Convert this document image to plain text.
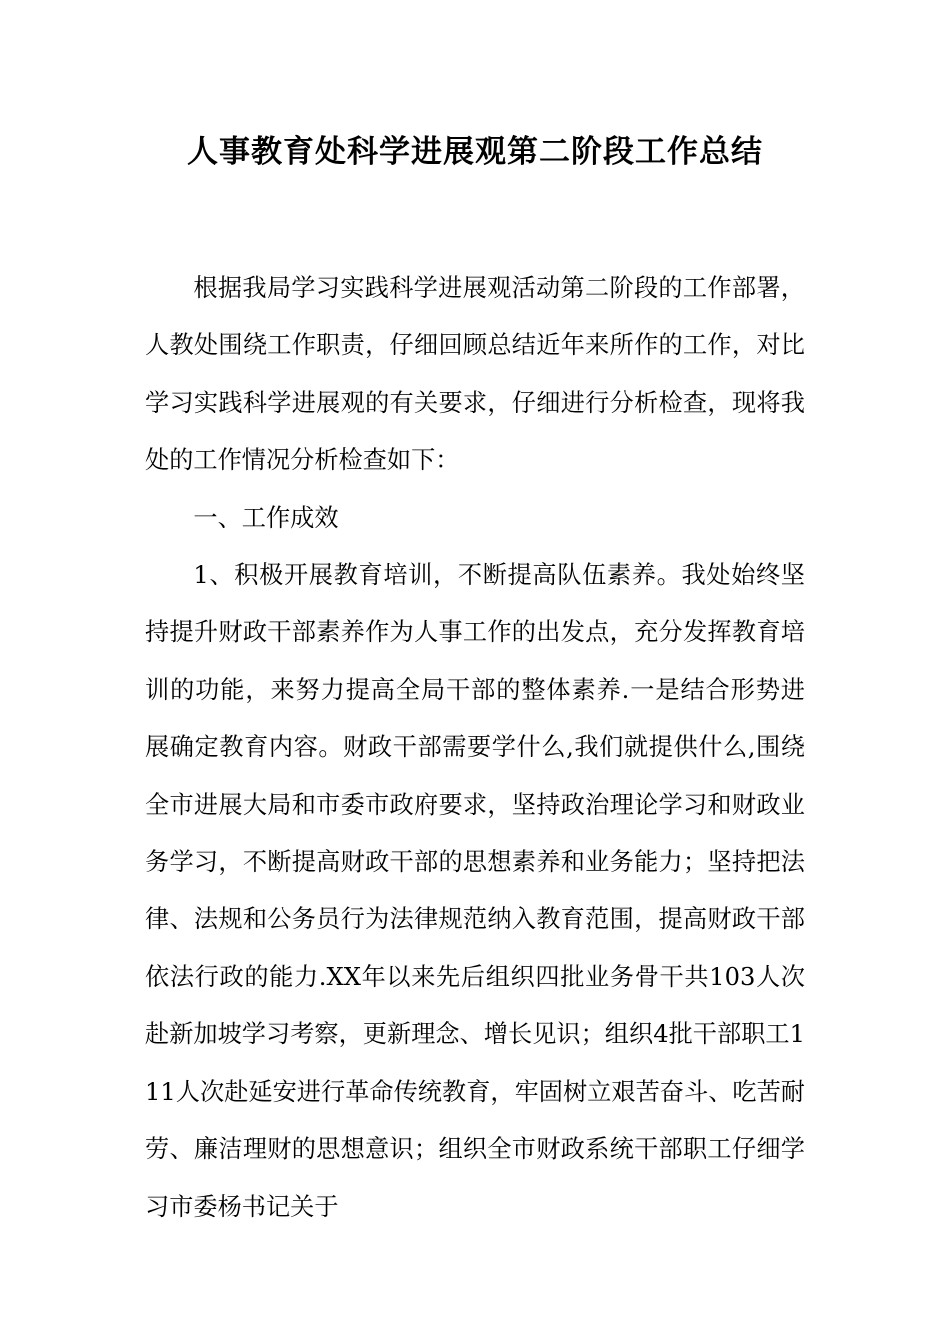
人事教育处科学进展观第二阶段工作总结

根据我局学习实践科学进展观活动第二阶段的工作部署，人教处围绕工作职责，仔细回顾总结近年来所作的工作，对比学习实践科学进展观的有关要求，仔细进行分析检查，现将我处的工作情况分析检查如下：

一、工作成效

1、积极开展教育培训，不断提高队伍素养。我处始终坚持提升财政干部素养作为人事工作的出发点，充分发挥教育培训的功能，来努力提高全局干部的整体素养.一是结合形势进展确定教育内容。财政干部需要学什么,我们就提供什么,围绕全市进展大局和市委市政府要求，坚持政治理论学习和财政业务学习，不断提高财政干部的思想素养和业务能力；坚持把法律、法规和公务员行为法律规范纳入教育范围，提高财政干部依法行政的能力.XX年以来先后组织四批业务骨干共103人次赴新加坡学习考察，更新理念、增长见识；组织4批干部职工111人次赴延安进行革命传统教育，牢固树立艰苦奋斗、吃苦耐劳、廉洁理财的思想意识；组织全市财政系统干部职工仔细学习市委杨书记关于
